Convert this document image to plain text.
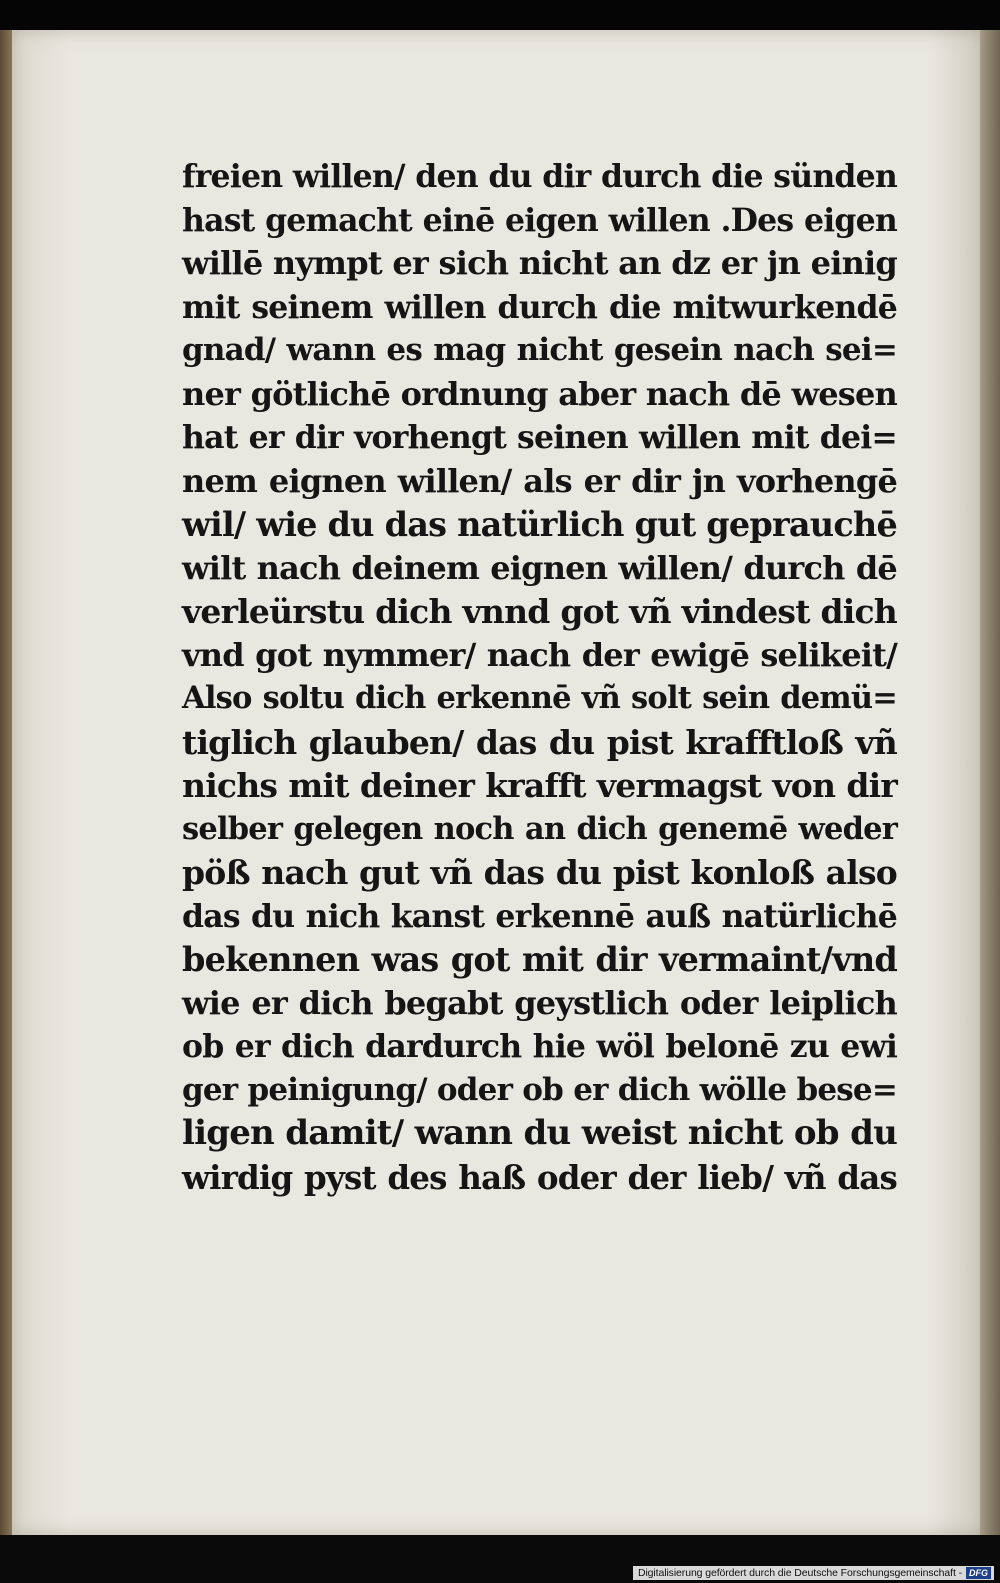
freien willen/ den du dir durch die sünden
hast gemacht einē eigen willen .Des eigen
willē nympt er sich nicht an dz er jn einig
mit seinem willen durch die mitwurkendē
gnad/ wann es mag nicht gesein nach sei=
ner götlichē ordnung aber nach dē wesen
hat er dir vorhengt seinen willen mit dei=
nem eignen willen/ als er dir jn vorhengē
wil/ wie du das natürlich gut geprauchē
wilt nach deinem eignen willen/ durch dē
verleürstu dich vnnd got vñ vindest dich
vnd got nymmer/ nach der ewigē selikeit/
Also soltu dich erkennē vñ solt sein demü=
tiglich glauben/ das du pist krafftloß vñ
nichs mit deiner krafft vermagst von dir
selber gelegen noch an dich genemē weder
pöß nach gut vñ das du pist konloß also
das du nich kanst erkennē auß natürlichē
bekennen was got mit dir vermaint/vnd
wie er dich begabt geystlich oder leiplich
ob er dich dardurch hie wöl belonē zu ewi
ger peinigung/ oder ob er dich wölle bese=
ligen damit/ wann du weist nicht ob du
wirdig pyst des haß oder der lieb/ vñ das
Digitalisierung gefördert durch die Deutsche Forschungsgemeinschaft - DFG
